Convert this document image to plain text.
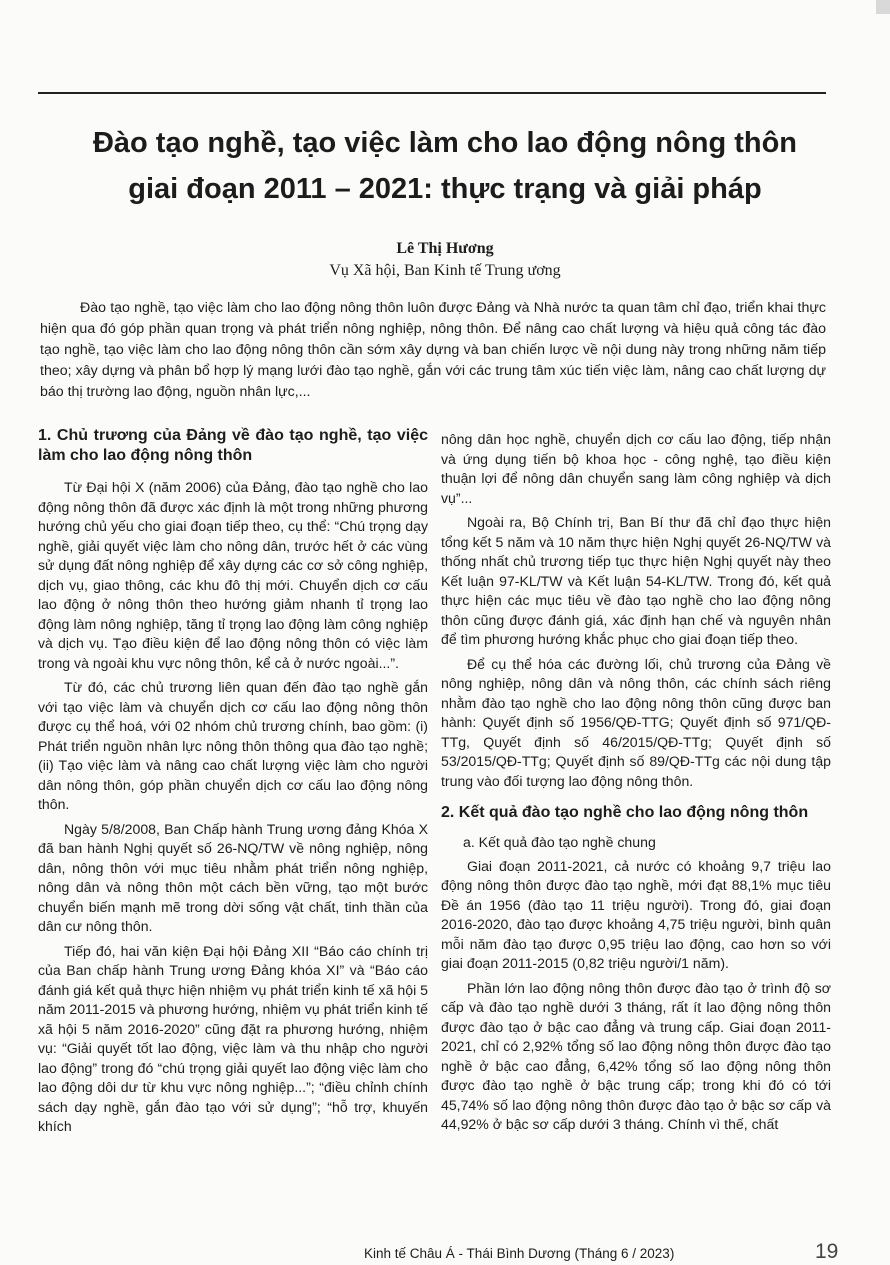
Đào tạo nghề, tạo việc làm cho lao động nông thôn
giai đoạn 2011 – 2021: thực trạng và giải pháp
Lê Thị Hương
Vụ Xã hội, Ban Kinh tế Trung ương

Đào tạo nghề, tạo việc làm cho lao động nông thôn luôn được Đảng và Nhà nước ta quan tâm chỉ đạo, triển khai thực hiện qua đó góp phần quan trọng và phát triển nông nghiệp, nông thôn. Để nâng cao chất lượng và hiệu quả công tác đào tạo nghề, tạo việc làm cho lao động nông thôn cần sớm xây dựng và ban chiến lược về nội dung này trong những năm tiếp theo; xây dựng và phân bổ hợp lý mạng lưới đào tạo nghề, gắn với các trung tâm xúc tiến việc làm, nâng cao chất lượng dự báo thị trường lao động, nguồn nhân lực,...

1. Chủ trương của Đảng về đào tạo nghề, tạo việc làm cho lao động nông thôn

Từ Đại hội X (năm 2006) của Đảng, đào tạo nghề cho lao động nông thôn đã được xác định là một trong những phương hướng chủ yếu cho giai đoạn tiếp theo, cụ thể: “Chú trọng dạy nghề, giải quyết việc làm cho nông dân, trước hết ở các vùng sử dụng đất nông nghiệp để xây dựng các cơ sở công nghiệp, dịch vụ, giao thông, các khu đô thị mới. Chuyển dịch cơ cấu lao động ở nông thôn theo hướng giảm nhanh tỉ trọng lao động làm nông nghiệp, tăng tỉ trọng lao động làm công nghiệp và dịch vụ. Tạo điều kiện để lao động nông thôn có việc làm trong và ngoài khu vực nông thôn, kể cả ở nước ngoài...”.

Từ đó, các chủ trương liên quan đến đào tạo nghề gắn với tạo việc làm và chuyển dịch cơ cấu lao động nông thôn được cụ thể hoá, với 02 nhóm chủ trương chính, bao gồm: (i) Phát triển nguồn nhân lực nông thôn thông qua đào tạo nghề; (ii) Tạo việc làm và nâng cao chất lượng việc làm cho người dân nông thôn, góp phần chuyển dịch cơ cấu lao động nông thôn.

Ngày 5/8/2008, Ban Chấp hành Trung ương đảng Khóa X đã ban hành Nghị quyết số 26-NQ/TW về nông nghiệp, nông dân, nông thôn với mục tiêu nhằm phát triển nông nghiệp, nông dân và nông thôn một cách bền vững, tạo một bước chuyển biến mạnh mẽ trong dời sống vật chất, tinh thần của dân cư nông thôn.

Tiếp đó, hai văn kiện Đại hội Đảng XII “Báo cáo chính trị của Ban chấp hành Trung ương Đảng khóa XI” và “Báo cáo đánh giá kết quả thực hiện nhiệm vụ phát triển kinh tế xã hội 5 năm 2011-2015 và phương hướng, nhiệm vụ phát triển kinh tế xã hội 5 năm 2016-2020” cũng đặt ra phương hướng, nhiệm vụ: “Giải quyết tốt lao động, việc làm và thu nhập cho người lao động” trong đó “chú trọng giải quyết lao động việc làm cho lao động dôi dư từ khu vực nông nghiệp...”; “điều chỉnh chính sách dạy nghề, gắn đào tạo với sử dụng”; “hỗ trợ, khuyến khích

nông dân học nghề, chuyển dịch cơ cấu lao động, tiếp nhận và ứng dụng tiến bộ khoa học - công nghệ, tạo điều kiện thuận lợi để nông dân chuyển sang làm công nghiệp và dịch vụ”...

Ngoài ra, Bộ Chính trị, Ban Bí thư đã chỉ đạo thực hiện tổng kết 5 năm và 10 năm thực hiện Nghị quyết 26-NQ/TW và thống nhất chủ trương tiếp tục thực hiện Nghị quyết này theo Kết luận 97-KL/TW và Kết luận 54-KL/TW. Trong đó, kết quả thực hiện các mục tiêu về đào tạo nghề cho lao động nông thôn cũng được đánh giá, xác định hạn chế và nguyên nhân để tìm phương hướng khắc phục cho giai đoạn tiếp theo.

Để cụ thể hóa các đường lối, chủ trương của Đảng về nông nghiệp, nông dân và nông thôn, các chính sách riêng nhằm đào tạo nghề cho lao động nông thôn cũng được ban hành: Quyết định số 1956/QĐ-TTG; Quyết định số 971/QĐ-TTg, Quyết định số 46/2015/QĐ-TTg; Quyết định số 53/2015/QĐ-TTg; Quyết định số 89/QĐ-TTg các nội dung tập trung vào đối tượng lao động nông thôn.

2. Kết quả đào tạo nghề cho lao động nông thôn

a. Kết quả đào tạo nghề chung

Giai đoạn 2011-2021, cả nước có khoảng 9,7 triệu lao động nông thôn được đào tạo nghề, mới đạt 88,1% mục tiêu Đề án 1956 (đào tạo 11 triệu người). Trong đó, giai đoạn 2016-2020, đào tạo được khoảng 4,75 triệu người, bình quân mỗi năm đào tạo được 0,95 triệu lao động, cao hơn so với giai đoạn 2011-2015 (0,82 triệu người/1 năm).

Phần lớn lao động nông thôn được đào tạo ở trình độ sơ cấp và đào tạo nghề dưới 3 tháng, rất ít lao động nông thôn được đào tạo ở bậc cao đẳng và trung cấp. Giai đoạn 2011-2021, chỉ có 2,92% tổng số lao động nông thôn được đào tạo nghề ở bậc cao đẳng, 6,42% tổng số lao động nông thôn được đào tạo nghề ở bậc trung cấp; trong khi đó có tới 45,74% số lao động nông thôn được đào tạo ở bậc sơ cấp và 44,92% ở bậc sơ cấp dưới 3 tháng. Chính vì thế, chất

Kinh tế Châu Á - Thái Bình Dương (Tháng 6 / 2023)	19
